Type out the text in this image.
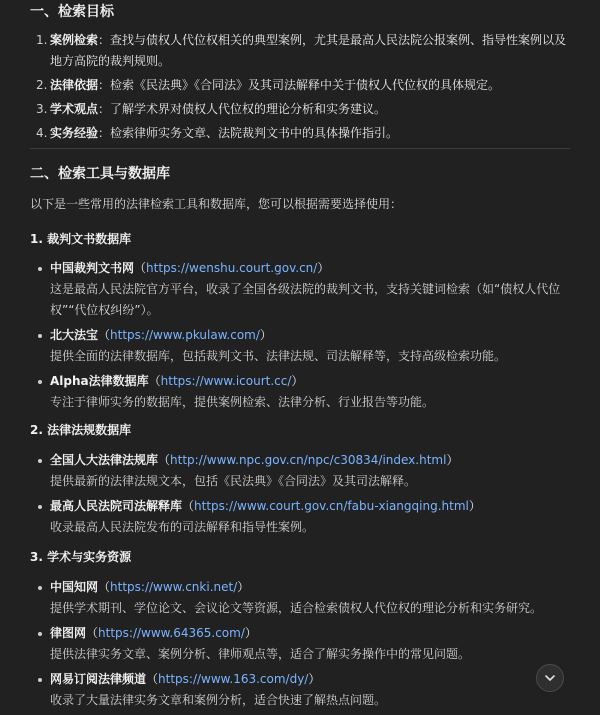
一、检索目标
1. 案例检索：查找与债权人代位权相关的典型案例，尤其是最高人民法院公报案例、指导性案例以及地方高院的裁判规则。
2. 法律依据：检索《民法典》《合同法》及其司法解释中关于债权人代位权的具体规定。
3. 学术观点：了解学术界对债权人代位权的理论分析和实务建议。
4. 实务经验：检索律师实务文章、法院裁判文书中的具体操作指引。
二、检索工具与数据库
以下是一些常用的法律检索工具和数据库，您可以根据需要选择使用：
1. 裁判文书数据库
中国裁判文书网（https://wenshu.court.gov.cn/）
这是最高人民法院官方平台，收录了全国各级法院的裁判文书，支持关键词检索（如“债权人代位权”“代位权纠纷”）。
北大法宝（https://www.pkulaw.com/）
提供全面的法律数据库，包括裁判文书、法律法规、司法解释等，支持高级检索功能。
Alpha法律数据库（https://www.icourt.cc/）
专注于律师实务的数据库，提供案例检索、法律分析、行业报告等功能。
2. 法律法规数据库
全国人大法律法规库（http://www.npc.gov.cn/npc/c30834/index.html）
提供最新的法律法规文本，包括《民法典》《合同法》及其司法解释。
最高人民法院司法解释库（https://www.court.gov.cn/fabu-xiangqing.html）
收录最高人民法院发布的司法解释和指导性案例。
3. 学术与实务资源
中国知网（https://www.cnki.net/）
提供学术期刊、学位论文、会议论文等资源，适合检索债权人代位权的理论分析和实务研究。
律图网（https://www.64365.com/）
提供法律实务文章、案例分析、律师观点等，适合了解实务操作中的常见问题。
网易订阅法律频道（https://www.163.com/dy/）
收录了大量法律实务文章和案例分析，适合快速了解热点问题。
